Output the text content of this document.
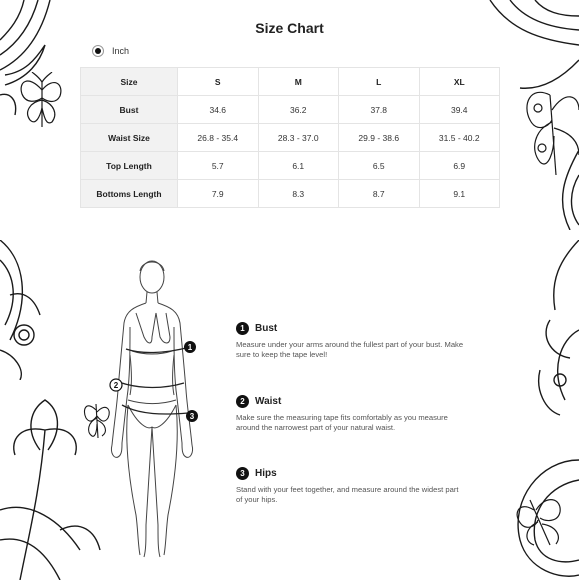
Size Chart
Inch
Size	S	M	L	XL
Bust	34.6	36.2	37.8	39.4
Waist Size	26.8 - 35.4	28.3 - 37.0	29.9 - 38.6	31.5 - 40.2
Top Length	5.7	6.1	6.5	6.9
Bottoms Length	7.9	8.3	8.7	9.1
1
2
3
1	Bust
Measure under your arms around the fullest part of your bust. Make sure to keep the tape level!
2	Waist
Make sure the measuring tape fits comfortably as you measure around the narrowest part of your natural waist.
3	Hips
Stand with your feet together, and measure around the widest part of your hips.
